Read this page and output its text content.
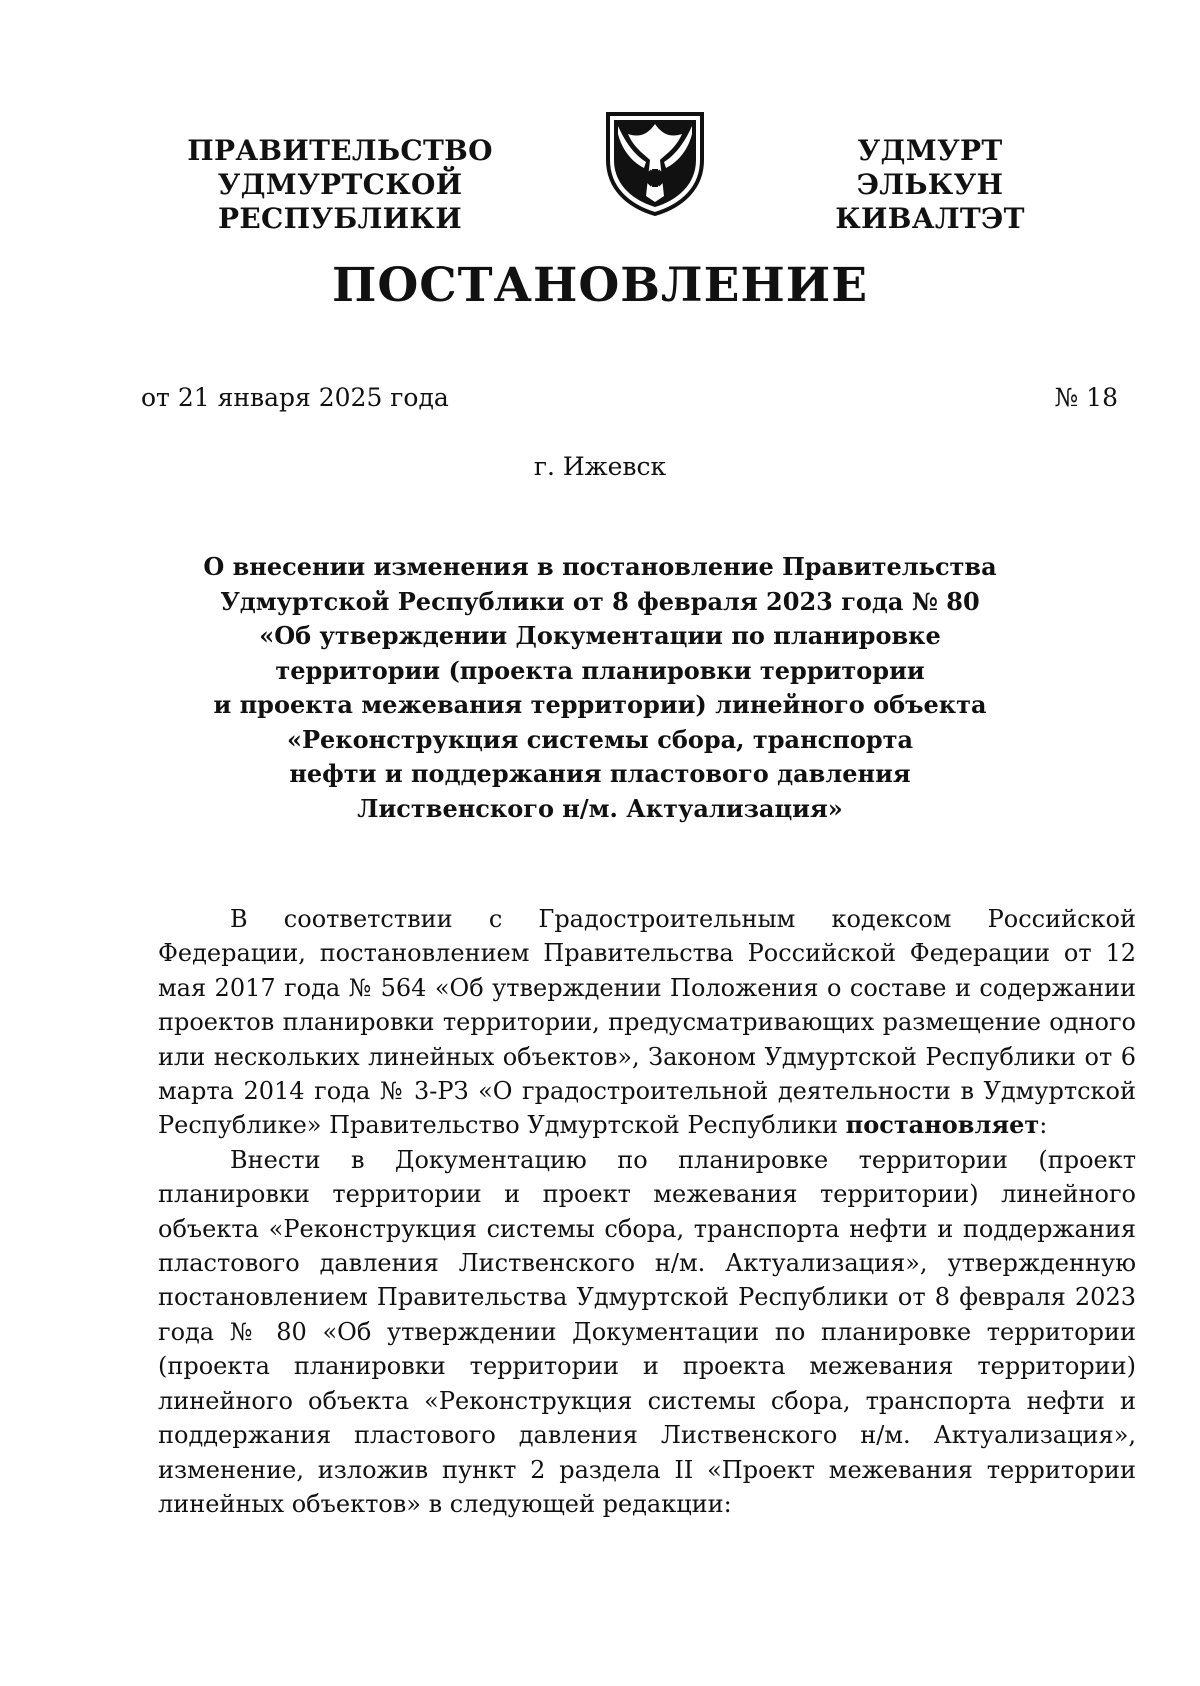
ПРАВИТЕЛЬСТВО
УДМУРТСКОЙ РЕСПУБЛИКИ
УДМУРТ ЭЛЬКУН
КИВАЛТЭТ
ПОСТАНОВЛЕНИЕ
от 21 января 2025 года	№ 18
г. Ижевск
О внесении изменения в постановление Правительства
Удмуртской Республики от 8 февраля 2023 года № 80
«Об утверждении Документации по планировке
территории (проекта планировки территории
и проекта межевания территории) линейного объекта
«Реконструкция системы сбора, транспорта
нефти и поддержания пластового давления
Лиственского н/м. Актуализация»

В соответствии с Градостроительным кодексом Российской Федерации, постановлением Правительства Российской Федерации от 12 мая 2017 года № 564 «Об утверждении Положения о составе и содержании проектов планировки территории, предусматривающих размещение одного или нескольких линейных объектов», Законом Удмуртской Республики от 6 марта 2014 года № 3-РЗ «О градостроительной деятельности в Удмуртской Республике» Правительство Удмуртской Республики постановляет:

Внести в Документацию по планировке территории (проект планировки территории и проект межевания территории) линейного объекта «Реконструкция системы сбора, транспорта нефти и поддержания пластового давления Лиственского н/м. Актуализация», утвержденную постановлением Правительства Удмуртской Республики от 8 февраля 2023 года № 80 «Об утверждении Документации по планировке территории (проекта планировки территории и проекта межевания территории) линейного объекта «Реконструкция системы сбора, транспорта нефти и поддержания пластового давления Лиственского н/м. Актуализация», изменение, изложив пункт 2 раздела II «Проект межевания территории линейных объектов» в следующей редакции:
